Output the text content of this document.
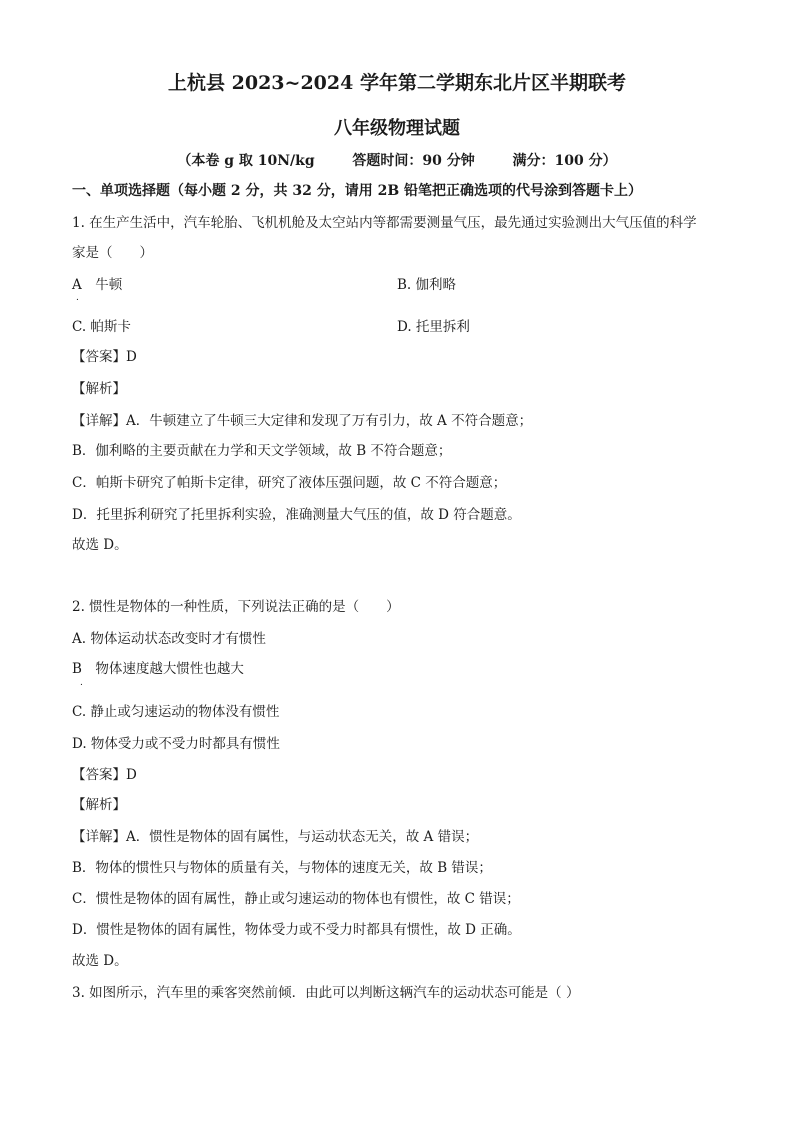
上杭县 2023~2024 学年第二学期东北片区半期联考
八年级物理试题
（本卷 g 取 10N/kg	答题时间：90 分钟	满分：100 分）
一、单项选择题（每小题 2 分，共 32 分，请用 2B 铅笔把正确选项的代号涂到答题卡上）
1. 在生产生活中，汽车轮胎、飞机机舱及太空站内等都需要测量气压，最先通过实验测出大气压值的科学
家是（　　）
A　牛顿
.
B. 伽利略
C. 帕斯卡	D. 托里拆利
【答案】D
【解析】
【详解】A．牛顿建立了牛顿三大定律和发现了万有引力，故 A 不符合题意；
B．伽利略的主要贡献在力学和天文学领域，故 B 不符合题意；
C．帕斯卡研究了帕斯卡定律，研究了液体压强问题，故 C 不符合题意；
D．托里拆利研究了托里拆利实验，准确测量大气压的值，故 D 符合题意。
故选 D。
2. 惯性是物体的一种性质，下列说法正确的是（　　）
A. 物体运动状态改变时才有惯性
B　物体速度越大惯性也越大
.
C. 静止或匀速运动的物体没有惯性
D. 物体受力或不受力时都具有惯性
【答案】D
【解析】
【详解】A．惯性是物体的固有属性，与运动状态无关，故 A 错误；
B．物体的惯性只与物体的质量有关，与物体的速度无关，故 B 错误；
C．惯性是物体的固有属性，静止或匀速运动的物体也有惯性，故 C 错误；
D．惯性是物体的固有属性，物体受力或不受力时都具有惯性，故 D 正确。
故选 D。
3. 如图所示，汽车里的乘客突然前倾．由此可以判断这辆汽车的运动状态可能是（ ）
